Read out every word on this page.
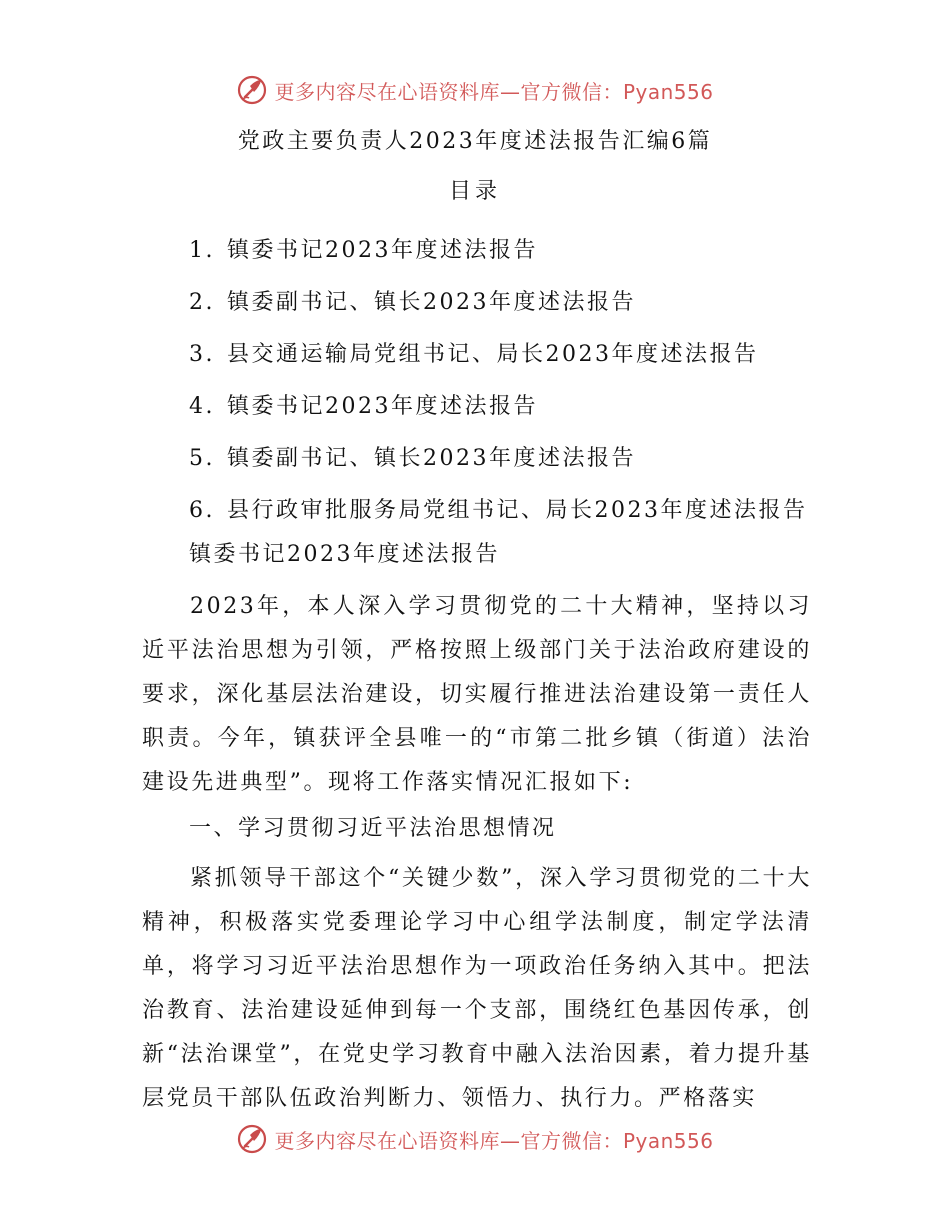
更多内容尽在心语资料库—官方微信：Pyan556
党政主要负责人2023年度述法报告汇编6篇
目录
1. 镇委书记2023年度述法报告
2. 镇委副书记、镇长2023年度述法报告
3. 县交通运输局党组书记、局长2023年度述法报告
4. 镇委书记2023年度述法报告
5. 镇委副书记、镇长2023年度述法报告
6. 县行政审批服务局党组书记、局长2023年度述法报告
镇委书记2023年度述法报告

2023年，本人深入学习贯彻党的二十大精神，坚持以习近平法治思想为引领，严格按照上级部门关于法治政府建设的要求，深化基层法治建设，切实履行推进法治建设第一责任人职责。今年，镇获评全县唯一的“市第二批乡镇（街道）法治建设先进典型”。现将工作落实情况汇报如下:

一、学习贯彻习近平法治思想情况

紧抓领导干部这个“关键少数”，深入学习贯彻党的二十大精神，积极落实党委理论学习中心组学法制度，制定学法清单，将学习习近平法治思想作为一项政治任务纳入其中。把法治教育、法治建设延伸到每一个支部，围绕红色基因传承，创新“法治课堂”，在党史学习教育中融入法治因素，着力提升基层党员干部队伍政治判断力、领悟力、执行力。严格落实

更多内容尽在心语资料库—官方微信：Pyan556
